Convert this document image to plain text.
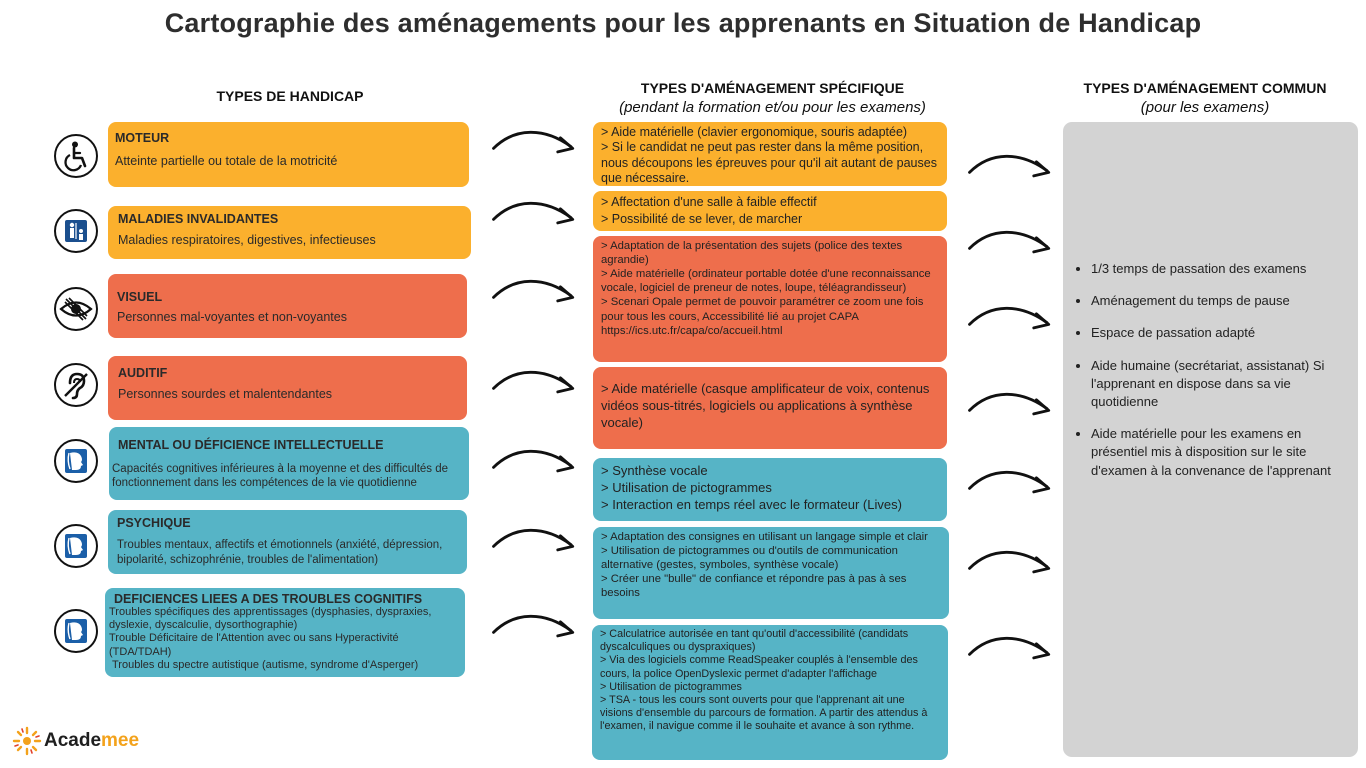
Cartographie des aménagements pour les apprenants en Situation de Handicap
TYPES DE HANDICAP	TYPES D'AMÉNAGEMENT SPÉCIFIQUE
(pendant la formation et/ou pour les examens)
TYPES D'AMÉNAGEMENT COMMUN
(pour les examens)
MOTEUR
Atteinte partielle ou totale de la motricité
MALADIES INVALIDANTES
Maladies respiratoires, digestives, infectieuses
VISUEL
Personnes mal-voyantes et non-voyantes
AUDITIF
Personnes sourdes et malentendantes
MENTAL OU DÉFICIENCE INTELLECTUELLE
Capacités cognitives inférieures à la moyenne et des difficultés de fonctionnement dans les compétences de la vie quotidienne
PSYCHIQUE
Troubles mentaux, affectifs et émotionnels (anxiété, dépression, bipolarité, schizophrénie, troubles de l'alimentation)
DEFICIENCES LIEES A DES TROUBLES COGNITIFS
Troubles spécifiques des apprentissages (dysphasies, dyspraxies, dyslexie, dyscalculie, dysorthographie)
Trouble Déficitaire de l'Attention avec ou sans Hyperactivité (TDA/TDAH)
Troubles du spectre autistique (autisme, syndrome d'Asperger)
> Aide matérielle (clavier ergonomique, souris adaptée)
> Si le candidat ne peut pas rester dans la même position, nous découpons les épreuves pour qu'il ait autant de pauses que nécessaire.
> Affectation d'une salle à faible effectif
> Possibilité de se lever, de marcher
> Adaptation de la présentation des sujets (police des textes agrandie)
> Aide matérielle (ordinateur portable dotée d'une reconnaissance vocale, logiciel de preneur de notes, loupe, téléagrandisseur)
> Scenari Opale permet de pouvoir paramétrer ce zoom une fois pour tous les cours, Accessibilité lié au projet CAPA https://ics.utc.fr/capa/co/accueil.html
> Aide matérielle (casque amplificateur de voix, contenus vidéos sous-titrés, logiciels ou applications à synthèse vocale)
> Synthèse vocale
> Utilisation de pictogrammes
> Interaction en temps réel avec le formateur (Lives)
> Adaptation des consignes en utilisant un langage simple et clair
> Utilisation de pictogrammes ou d'outils de communication alternative (gestes, symboles, synthèse vocale)
> Créer une "bulle" de confiance et répondre pas à pas à ses besoins
> Calculatrice autorisée en tant qu'outil d'accessibilité (candidats dyscalculiques ou dyspraxiques)
> Via des logiciels comme ReadSpeaker couplés à l'ensemble des cours, la police OpenDyslexic permet d'adapter l'affichage
> Utilisation de pictogrammes
> TSA - tous les cours sont ouverts pour que l'apprenant ait une visions d'ensemble du parcours de formation. A partir des attendus à l'examen, il navigue comme il le souhaite et avance à son rythme.
• 1/3 temps de passation des examens
• Aménagement du temps de pause
• Espace de passation adapté
• Aide humaine (secrétariat, assistanat) Si l'apprenant en dispose dans sa vie quotidienne
• Aide matérielle pour les examens en présentiel mis à disposition sur le site d'examen à la convenance de l'apprenant
Academee
